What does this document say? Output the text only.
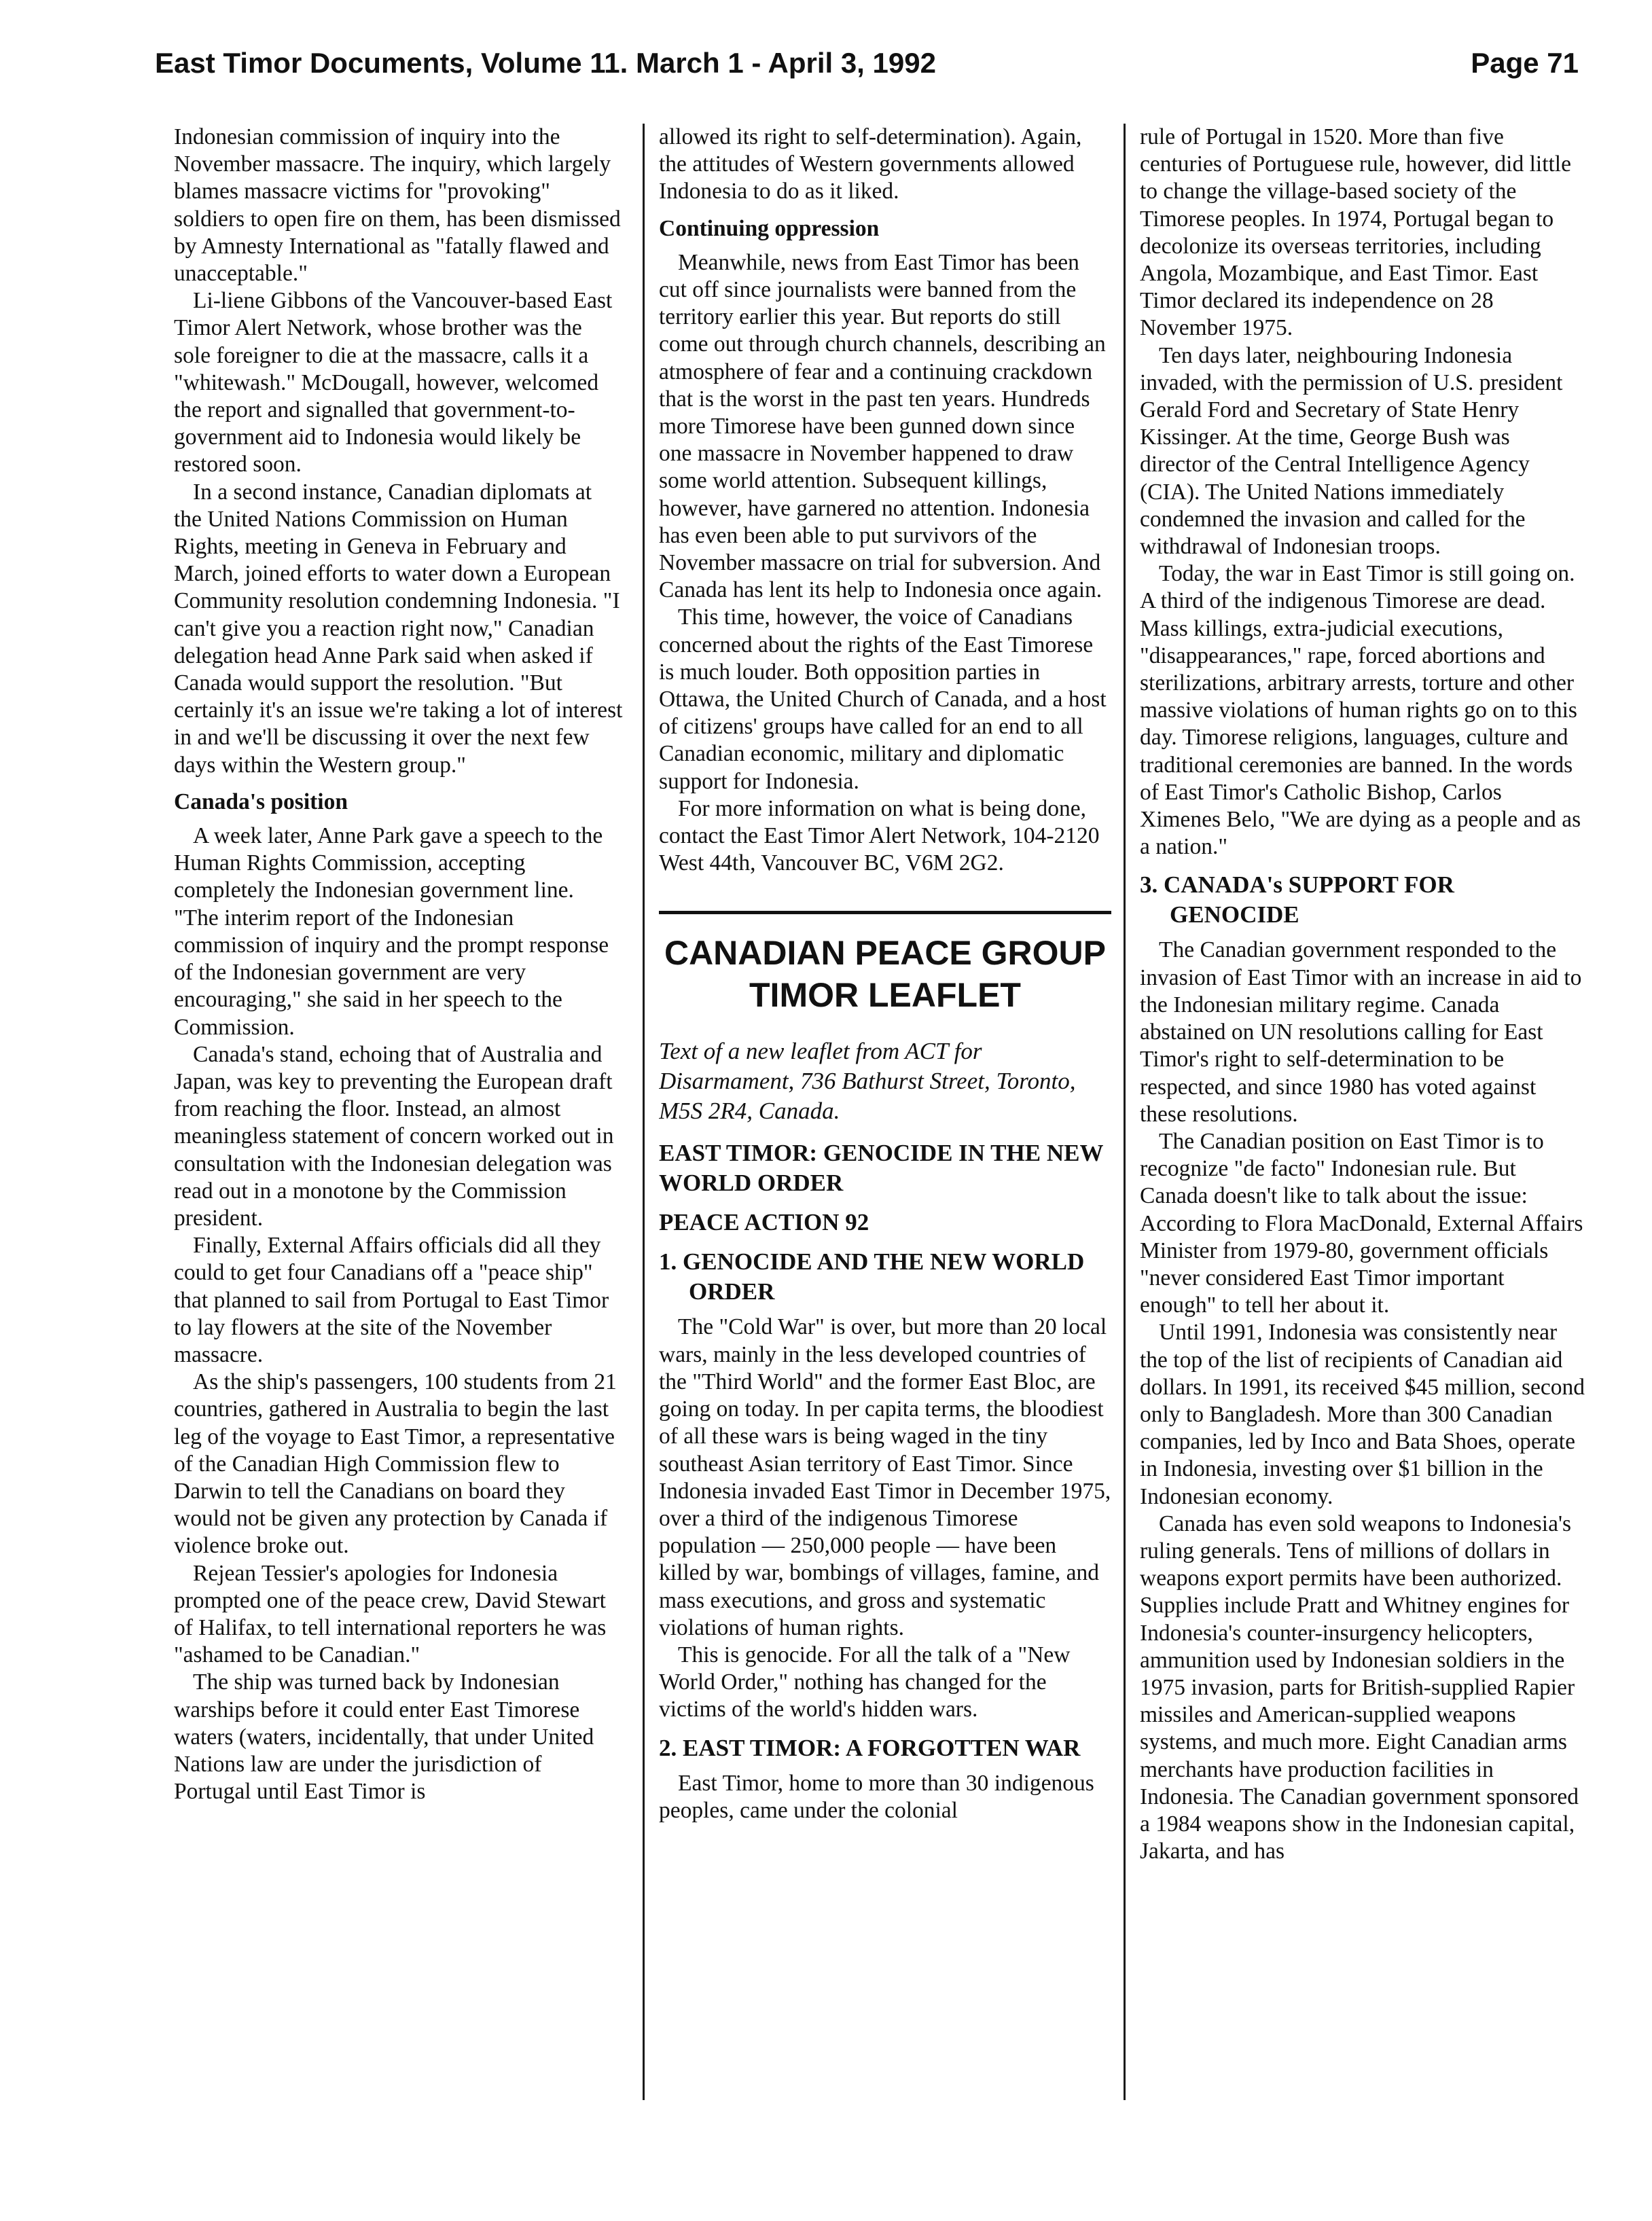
East Timor Documents, Volume 11. March 1 - April 3, 1992	Page 71

Indonesian commission of inquiry into the November massacre. The inquiry, which largely blames massacre victims for "provoking" soldiers to open fire on them, has been dismissed by Amnesty International as "fatally flawed and unacceptable."

Li-liene Gibbons of the Vancouver-based East Timor Alert Network, whose brother was the sole foreigner to die at the massacre, calls it a "whitewash." McDougall, however, welcomed the report and signalled that government-to-government aid to Indonesia would likely be restored soon.

In a second instance, Canadian diplomats at the United Nations Commission on Human Rights, meeting in Geneva in February and March, joined efforts to water down a European Community resolution condemning Indonesia. "I can't give you a reaction right now," Canadian delegation head Anne Park said when asked if Canada would support the resolution. "But certainly it's an issue we're taking a lot of interest in and we'll be discussing it over the next few days within the Western group."

Canada's position

A week later, Anne Park gave a speech to the Human Rights Commission, accepting completely the Indonesian government line. "The interim report of the Indonesian commission of inquiry and the prompt response of the Indonesian government are very encouraging," she said in her speech to the Commission.

Canada's stand, echoing that of Australia and Japan, was key to preventing the European draft from reaching the floor. Instead, an almost meaningless statement of concern worked out in consultation with the Indonesian delegation was read out in a monotone by the Commission president.

Finally, External Affairs officials did all they could to get four Canadians off a "peace ship" that planned to sail from Portugal to East Timor to lay flowers at the site of the November massacre.

As the ship's passengers, 100 students from 21 countries, gathered in Australia to begin the last leg of the voyage to East Timor, a representative of the Canadian High Commission flew to Darwin to tell the Canadians on board they would not be given any protection by Canada if violence broke out.

Rejean Tessier's apologies for Indonesia prompted one of the peace crew, David Stewart of Halifax, to tell international reporters he was "ashamed to be Canadian."

The ship was turned back by Indonesian warships before it could enter East Timorese waters (waters, incidentally, that under United Nations law are under the jurisdiction of Portugal until East Timor is

allowed its right to self-determination). Again, the attitudes of Western governments allowed Indonesia to do as it liked.

Continuing oppression

Meanwhile, news from East Timor has been cut off since journalists were banned from the territory earlier this year. But reports do still come out through church channels, describing an atmosphere of fear and a continuing crackdown that is the worst in the past ten years. Hundreds more Timorese have been gunned down since one massacre in November happened to draw some world attention. Subsequent killings, however, have garnered no attention. Indonesia has even been able to put survivors of the November massacre on trial for subversion. And Canada has lent its help to Indonesia once again.

This time, however, the voice of Canadians concerned about the rights of the East Timorese is much louder. Both opposition parties in Ottawa, the United Church of Canada, and a host of citizens' groups have called for an end to all Canadian economic, military and diplomatic support for Indonesia.

For more information on what is being done, contact the East Timor Alert Network, 104-2120 West 44th, Vancouver BC, V6M 2G2.

CANADIAN PEACE GROUP TIMOR LEAFLET

Text of a new leaflet from ACT for Disarmament, 736 Bathurst Street, Toronto, M5S 2R4, Canada.

EAST TIMOR: GENOCIDE IN THE NEW WORLD ORDER
PEACE ACTION 92
1. GENOCIDE AND THE NEW WORLD ORDER

The "Cold War" is over, but more than 20 local wars, mainly in the less developed countries of the "Third World" and the former East Bloc, are going on today. In per capita terms, the bloodiest of all these wars is being waged in the tiny southeast Asian territory of East Timor. Since Indonesia invaded East Timor in December 1975, over a third of the indigenous Timorese population — 250,000 people — have been killed by war, bombings of villages, famine, and mass executions, and gross and systematic violations of human rights.

This is genocide. For all the talk of a "New World Order," nothing has changed for the victims of the world's hidden wars.

2. EAST TIMOR: A FORGOTTEN WAR

East Timor, home to more than 30 indigenous peoples, came under the colonial

rule of Portugal in 1520. More than five centuries of Portuguese rule, however, did little to change the village-based society of the Timorese peoples. In 1974, Portugal began to decolonize its overseas territories, including Angola, Mozambique, and East Timor. East Timor declared its independence on 28 November 1975.

Ten days later, neighbouring Indonesia invaded, with the permission of U.S. president Gerald Ford and Secretary of State Henry Kissinger. At the time, George Bush was director of the Central Intelligence Agency (CIA). The United Nations immediately condemned the invasion and called for the withdrawal of Indonesian troops.

Today, the war in East Timor is still going on. A third of the indigenous Timorese are dead. Mass killings, extra-judicial executions, "disappearances," rape, forced abortions and sterilizations, arbitrary arrests, torture and other massive violations of human rights go on to this day. Timorese religions, languages, culture and traditional ceremonies are banned. In the words of East Timor's Catholic Bishop, Carlos Ximenes Belo, "We are dying as a people and as a nation."

3. CANADA's SUPPORT FOR GENOCIDE

The Canadian government responded to the invasion of East Timor with an increase in aid to the Indonesian military regime. Canada abstained on UN resolutions calling for East Timor's right to self-determination to be respected, and since 1980 has voted against these resolutions.

The Canadian position on East Timor is to recognize "de facto" Indonesian rule. But Canada doesn't like to talk about the issue: According to Flora MacDonald, External Affairs Minister from 1979-80, government officials "never considered East Timor important enough" to tell her about it.

Until 1991, Indonesia was consistently near the top of the list of recipients of Canadian aid dollars. In 1991, its received $45 million, second only to Bangladesh. More than 300 Canadian companies, led by Inco and Bata Shoes, operate in Indonesia, investing over $1 billion in the Indonesian economy.

Canada has even sold weapons to Indonesia's ruling generals. Tens of millions of dollars in weapons export permits have been authorized. Supplies include Pratt and Whitney engines for Indonesia's counter-insurgency helicopters, ammunition used by Indonesian soldiers in the 1975 invasion, parts for British-supplied Rapier missiles and American-supplied weapons systems, and much more. Eight Canadian arms merchants have production facilities in Indonesia. The Canadian government sponsored a 1984 weapons show in the Indonesian capital, Jakarta, and has
